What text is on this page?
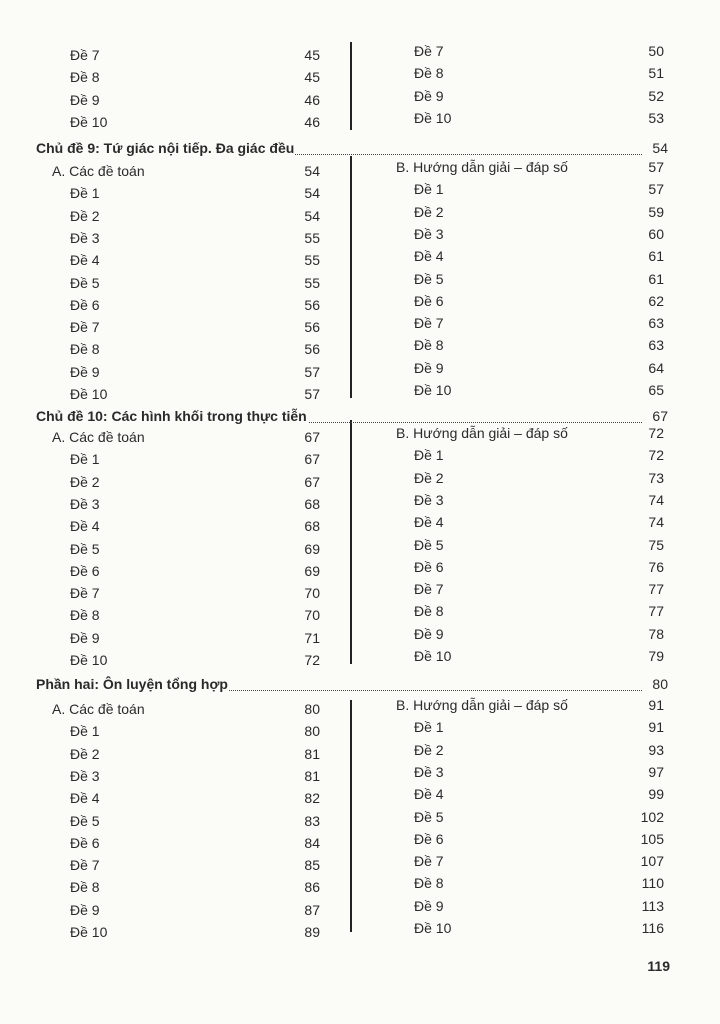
119
Đề 7	45
Đề 8	45
Đề 9	46
Đề 10	46
Đề 7	50
Đề 8	51
Đề 9	52
Đề 10	53
Chủ đề 9: Tứ giác nội tiếp. Đa giác đều	54
A. Các đề toán	54
Đề 1	54
Đề 2	54
Đề 3	55
Đề 4	55
Đề 5	55
Đề 6	56
Đề 7	56
Đề 8	56
Đề 9	57
Đề 10	57
B. Hướng dẫn giải – đáp số	57
Đề 1	57
Đề 2	59
Đề 3	60
Đề 4	61
Đề 5	61
Đề 6	62
Đề 7	63
Đề 8	63
Đề 9	64
Đề 10	65
Chủ đề 10: Các hình khối trong thực tiễn	67
A. Các đề toán	67
Đề 1	67
Đề 2	67
Đề 3	68
Đề 4	68
Đề 5	69
Đề 6	69
Đề 7	70
Đề 8	70
Đề 9	71
Đề 10	72
B. Hướng dẫn giải – đáp số	72
Đề 1	72
Đề 2	73
Đề 3	74
Đề 4	74
Đề 5	75
Đề 6	76
Đề 7	77
Đề 8	77
Đề 9	78
Đề 10	79
Phần hai: Ôn luyện tổng hợp	80
A. Các đề toán	80
Đề 1	80
Đề 2	81
Đề 3	81
Đề 4	82
Đề 5	83
Đề 6	84
Đề 7	85
Đề 8	86
Đề 9	87
Đề 10	89
B. Hướng dẫn giải – đáp số	91
Đề 1	91
Đề 2	93
Đề 3	97
Đề 4	99
Đề 5	102
Đề 6	105
Đề 7	107
Đề 8	110
Đề 9	113
Đề 10	116
